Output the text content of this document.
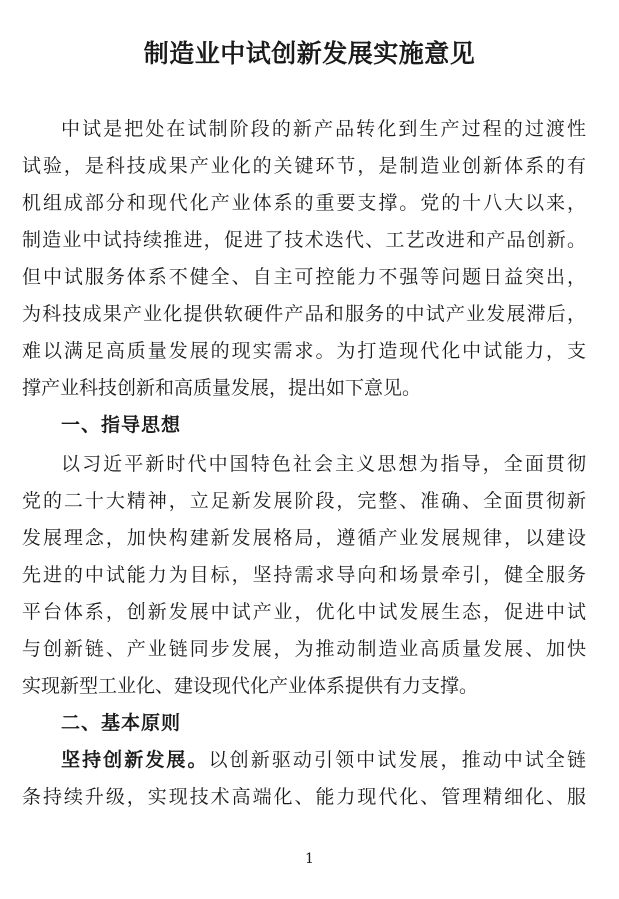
制造业中试创新发展实施意见

中试是把处在试制阶段的新产品转化到生产过程的过渡性

试验，是科技成果产业化的关键环节，是制造业创新体系的有

机组成部分和现代化产业体系的重要支撑。党的十八大以来，

制造业中试持续推进，促进了技术迭代、工艺改进和产品创新。

但中试服务体系不健全、自主可控能力不强等问题日益突出，

为科技成果产业化提供软硬件产品和服务的中试产业发展滞后，

难以满足高质量发展的现实需求。为打造现代化中试能力，支

撑产业科技创新和高质量发展，提出如下意见。

一、指导思想

以习近平新时代中国特色社会主义思想为指导，全面贯彻

党的二十大精神，立足新发展阶段，完整、准确、全面贯彻新

发展理念，加快构建新发展格局，遵循产业发展规律，以建设

先进的中试能力为目标，坚持需求导向和场景牵引，健全服务

平台体系，创新发展中试产业，优化中试发展生态，促进中试

与创新链、产业链同步发展，为推动制造业高质量发展、加快

实现新型工业化、建设现代化产业体系提供有力支撑。

二、基本原则

坚持创新发展。以创新驱动引领中试发展，推动中试全链

条持续升级，实现技术高端化、能力现代化、管理精细化、服

1
